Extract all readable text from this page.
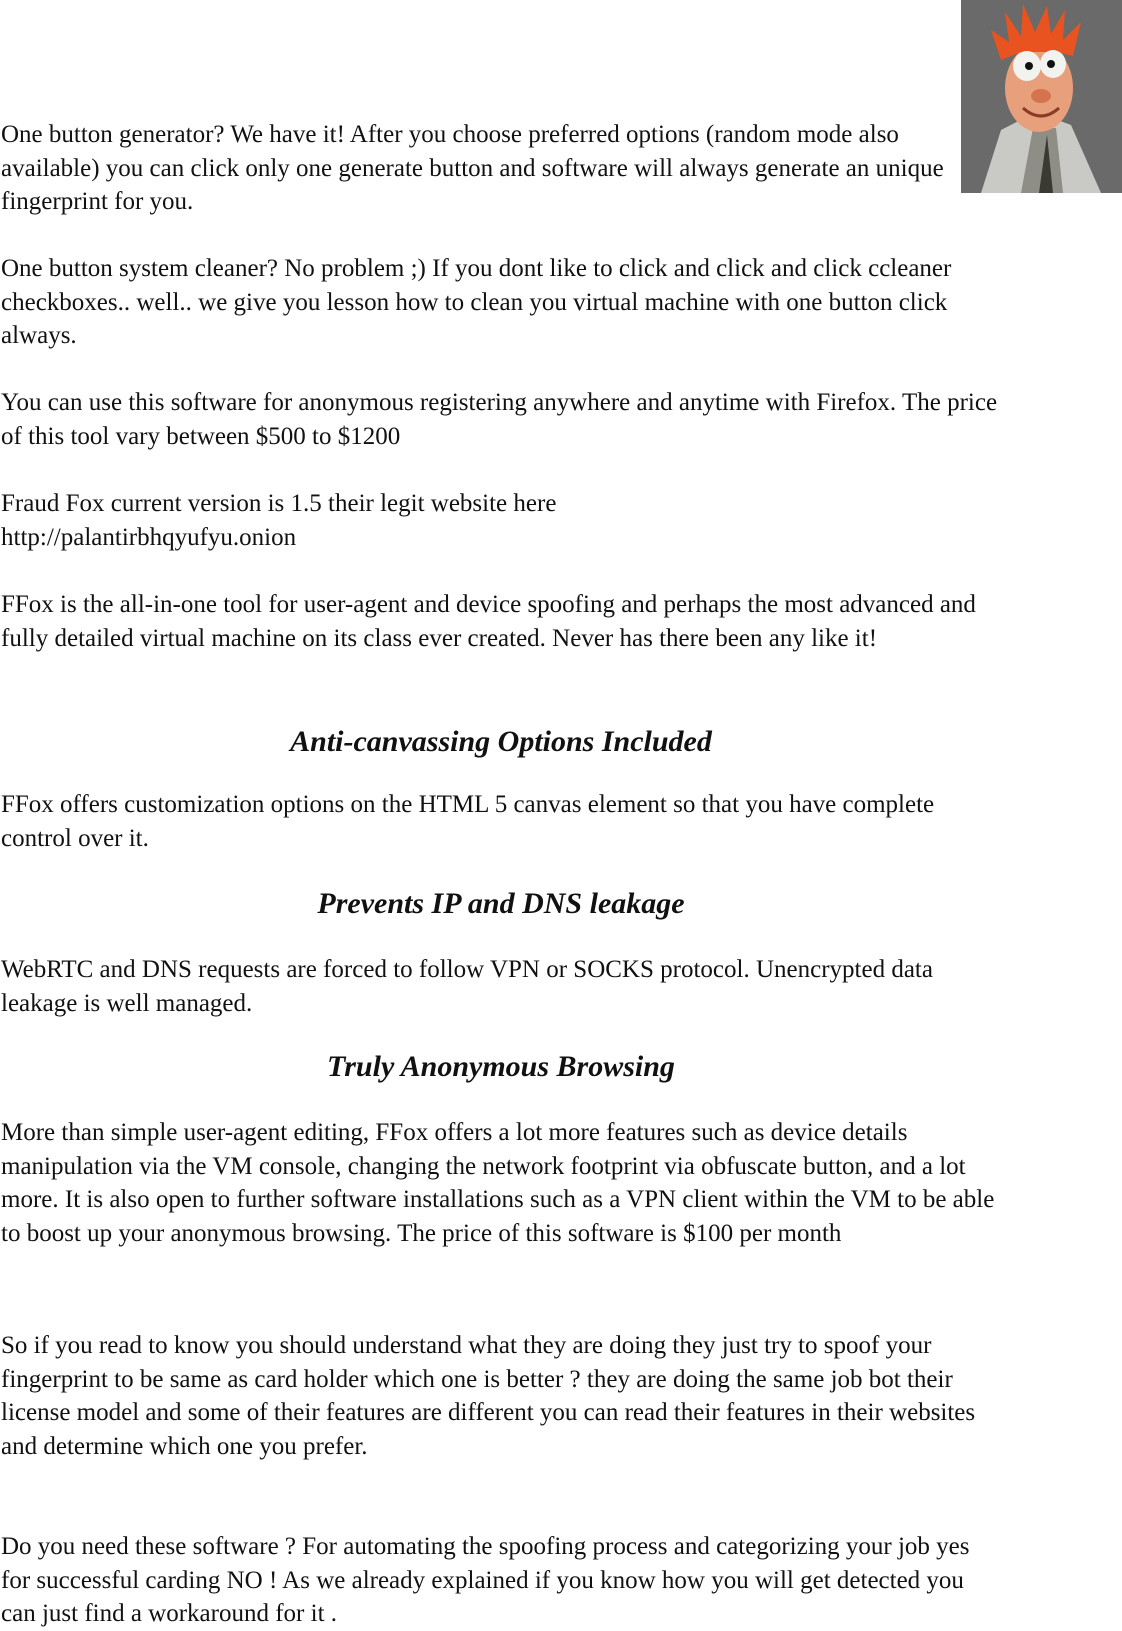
One button generator? We have it! After you choose preferred options (random mode also available) you can click only one generate button and software will always generate an unique fingerprint for you.

One button system cleaner? No problem ;) If you dont like to click and click and click ccleaner checkboxes.. well.. we give you lesson how to clean you virtual machine with one button click always.

You can use this software for anonymous registering anywhere and anytime with Firefox. The price of this tool vary between $500 to $1200

Fraud Fox current version is 1.5 their legit website here

http://palantirbhqyufyu.onion

FFox is the all-in-one tool for user-agent and device spoofing and perhaps the most advanced and fully detailed virtual machine on its class ever created. Never has there been any like it!

Anti-canvassing Options Included

FFox offers customization options on the HTML 5 canvas element so that you have complete control over it.

Prevents IP and DNS leakage

WebRTC and DNS requests are forced to follow VPN or SOCKS protocol. Unencrypted data leakage is well managed.

Truly Anonymous Browsing

More than simple user-agent editing, FFox offers a lot more features such as device details manipulation via the VM console, changing the network footprint via obfuscate button, and a lot more. It is also open to further software installations such as a VPN client within the VM to be able to boost up your anonymous browsing. The price of this software is $100 per month

So if you read to know you should understand what they are doing they just try to spoof your fingerprint to be same as card holder which one is better ? they are doing the same job bot their license model and some of their features are different you can read their features in their websites and determine which one you prefer.

Do you need these software ? For automating the spoofing process and categorizing your job yes for successful carding NO ! As we already explained if you know how you will get detected you can just find a workaround for it .
